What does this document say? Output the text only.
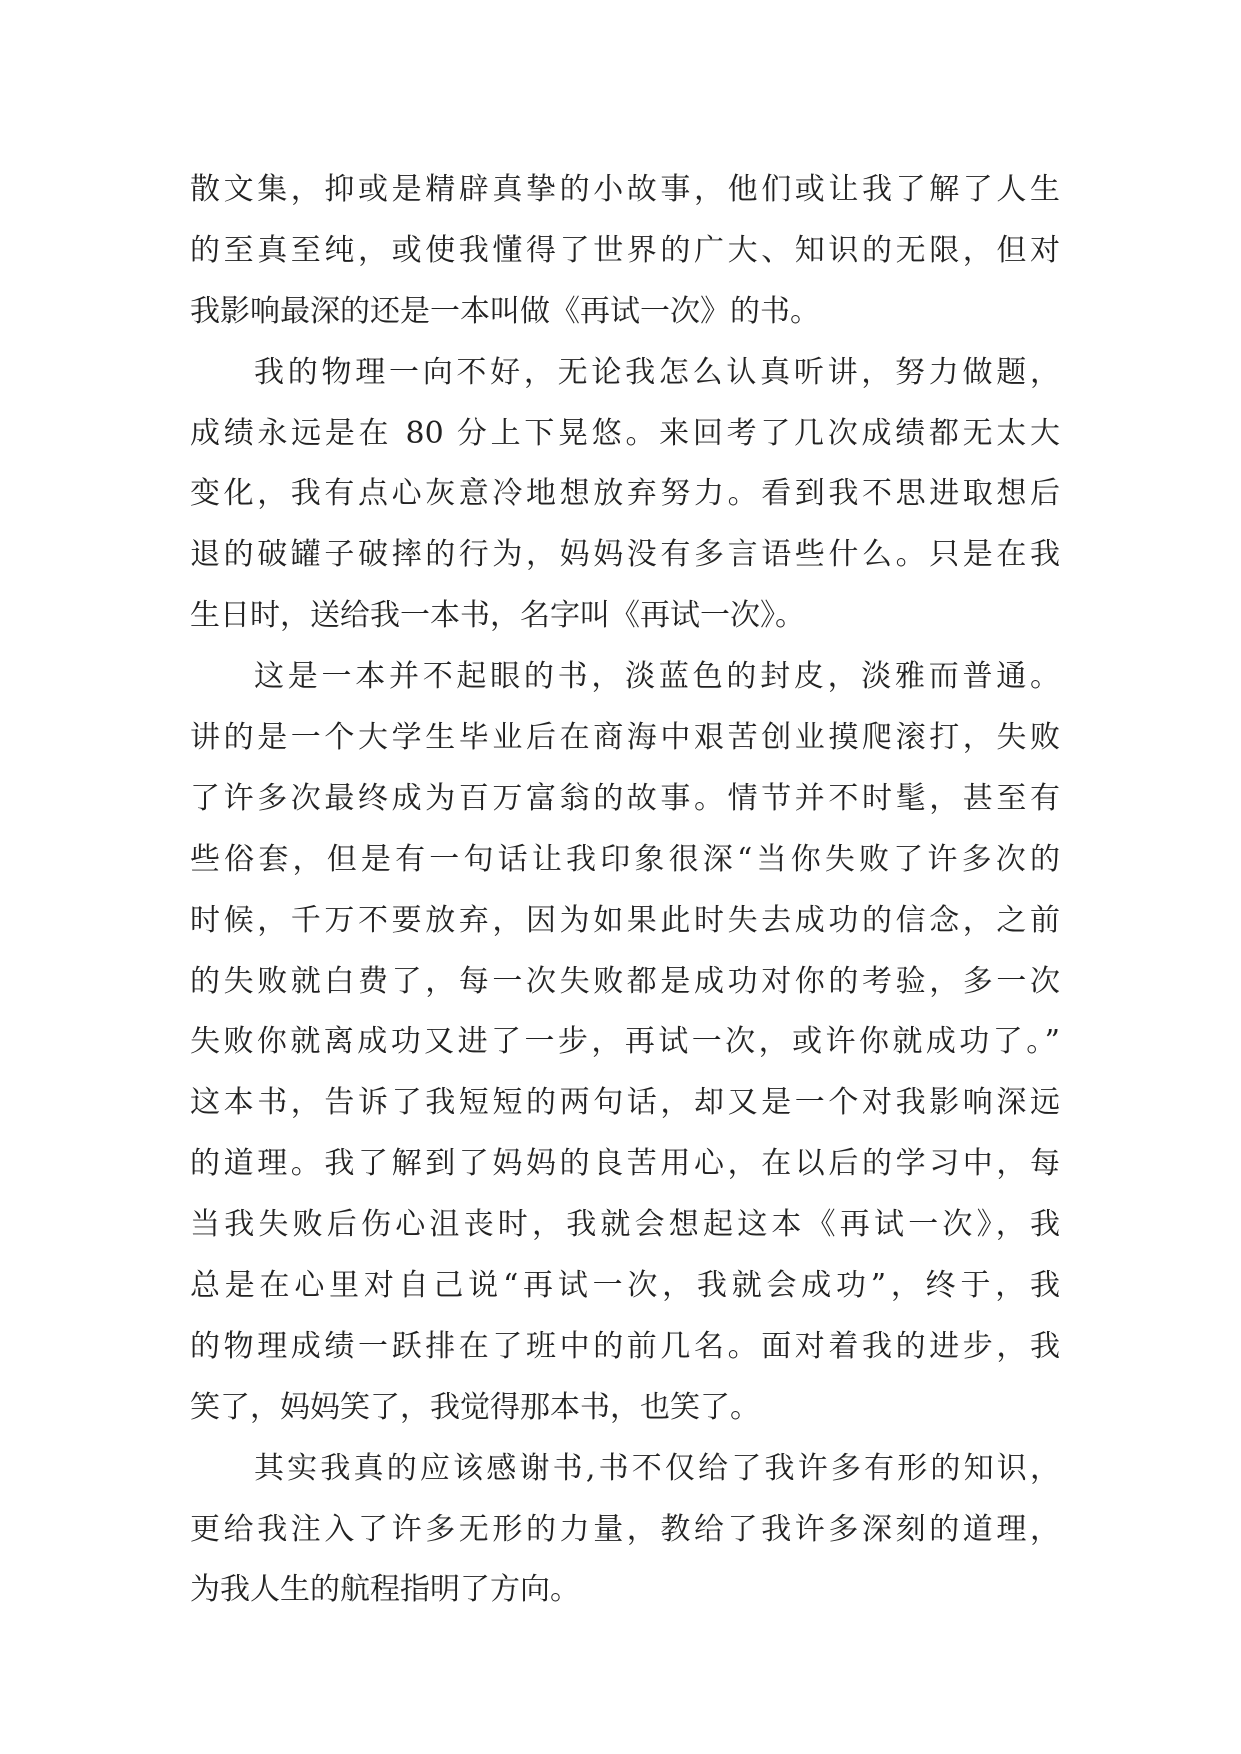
散文集，抑或是精辟真挚的小故事，他们或让我了解了人生
的至真至纯，或使我懂得了世界的广大、知识的无限，但对
我影响最深的还是一本叫做《再试一次》的书。
我的物理一向不好，无论我怎么认真听讲，努力做题，
成绩永远是在 80 分上下晃悠。来回考了几次成绩都无太大
变化，我有点心灰意冷地想放弃努力。看到我不思进取想后
退的破罐子破摔的行为，妈妈没有多言语些什么。只是在我
生日时，送给我一本书，名字叫《再试一次》。
这是一本并不起眼的书，淡蓝色的封皮，淡雅而普通。
讲的是一个大学生毕业后在商海中艰苦创业摸爬滚打，失败
了许多次最终成为百万富翁的故事。情节并不时髦，甚至有
些俗套，但是有一句话让我印象很深“当你失败了许多次的
时候，千万不要放弃，因为如果此时失去成功的信念，之前
的失败就白费了，每一次失败都是成功对你的考验，多一次
失败你就离成功又进了一步，再试一次，或许你就成功了。”
这本书，告诉了我短短的两句话，却又是一个对我影响深远
的道理。我了解到了妈妈的良苦用心，在以后的学习中，每
当我失败后伤心沮丧时，我就会想起这本《再试一次》，我
总是在心里对自己说“再试一次，我就会成功”，终于，我
的物理成绩一跃排在了班中的前几名。面对着我的进步，我
笑了，妈妈笑了，我觉得那本书，也笑了。
其实我真的应该感谢书,书不仅给了我许多有形的知识，
更给我注入了许多无形的力量，教给了我许多深刻的道理，
为我人生的航程指明了方向。
